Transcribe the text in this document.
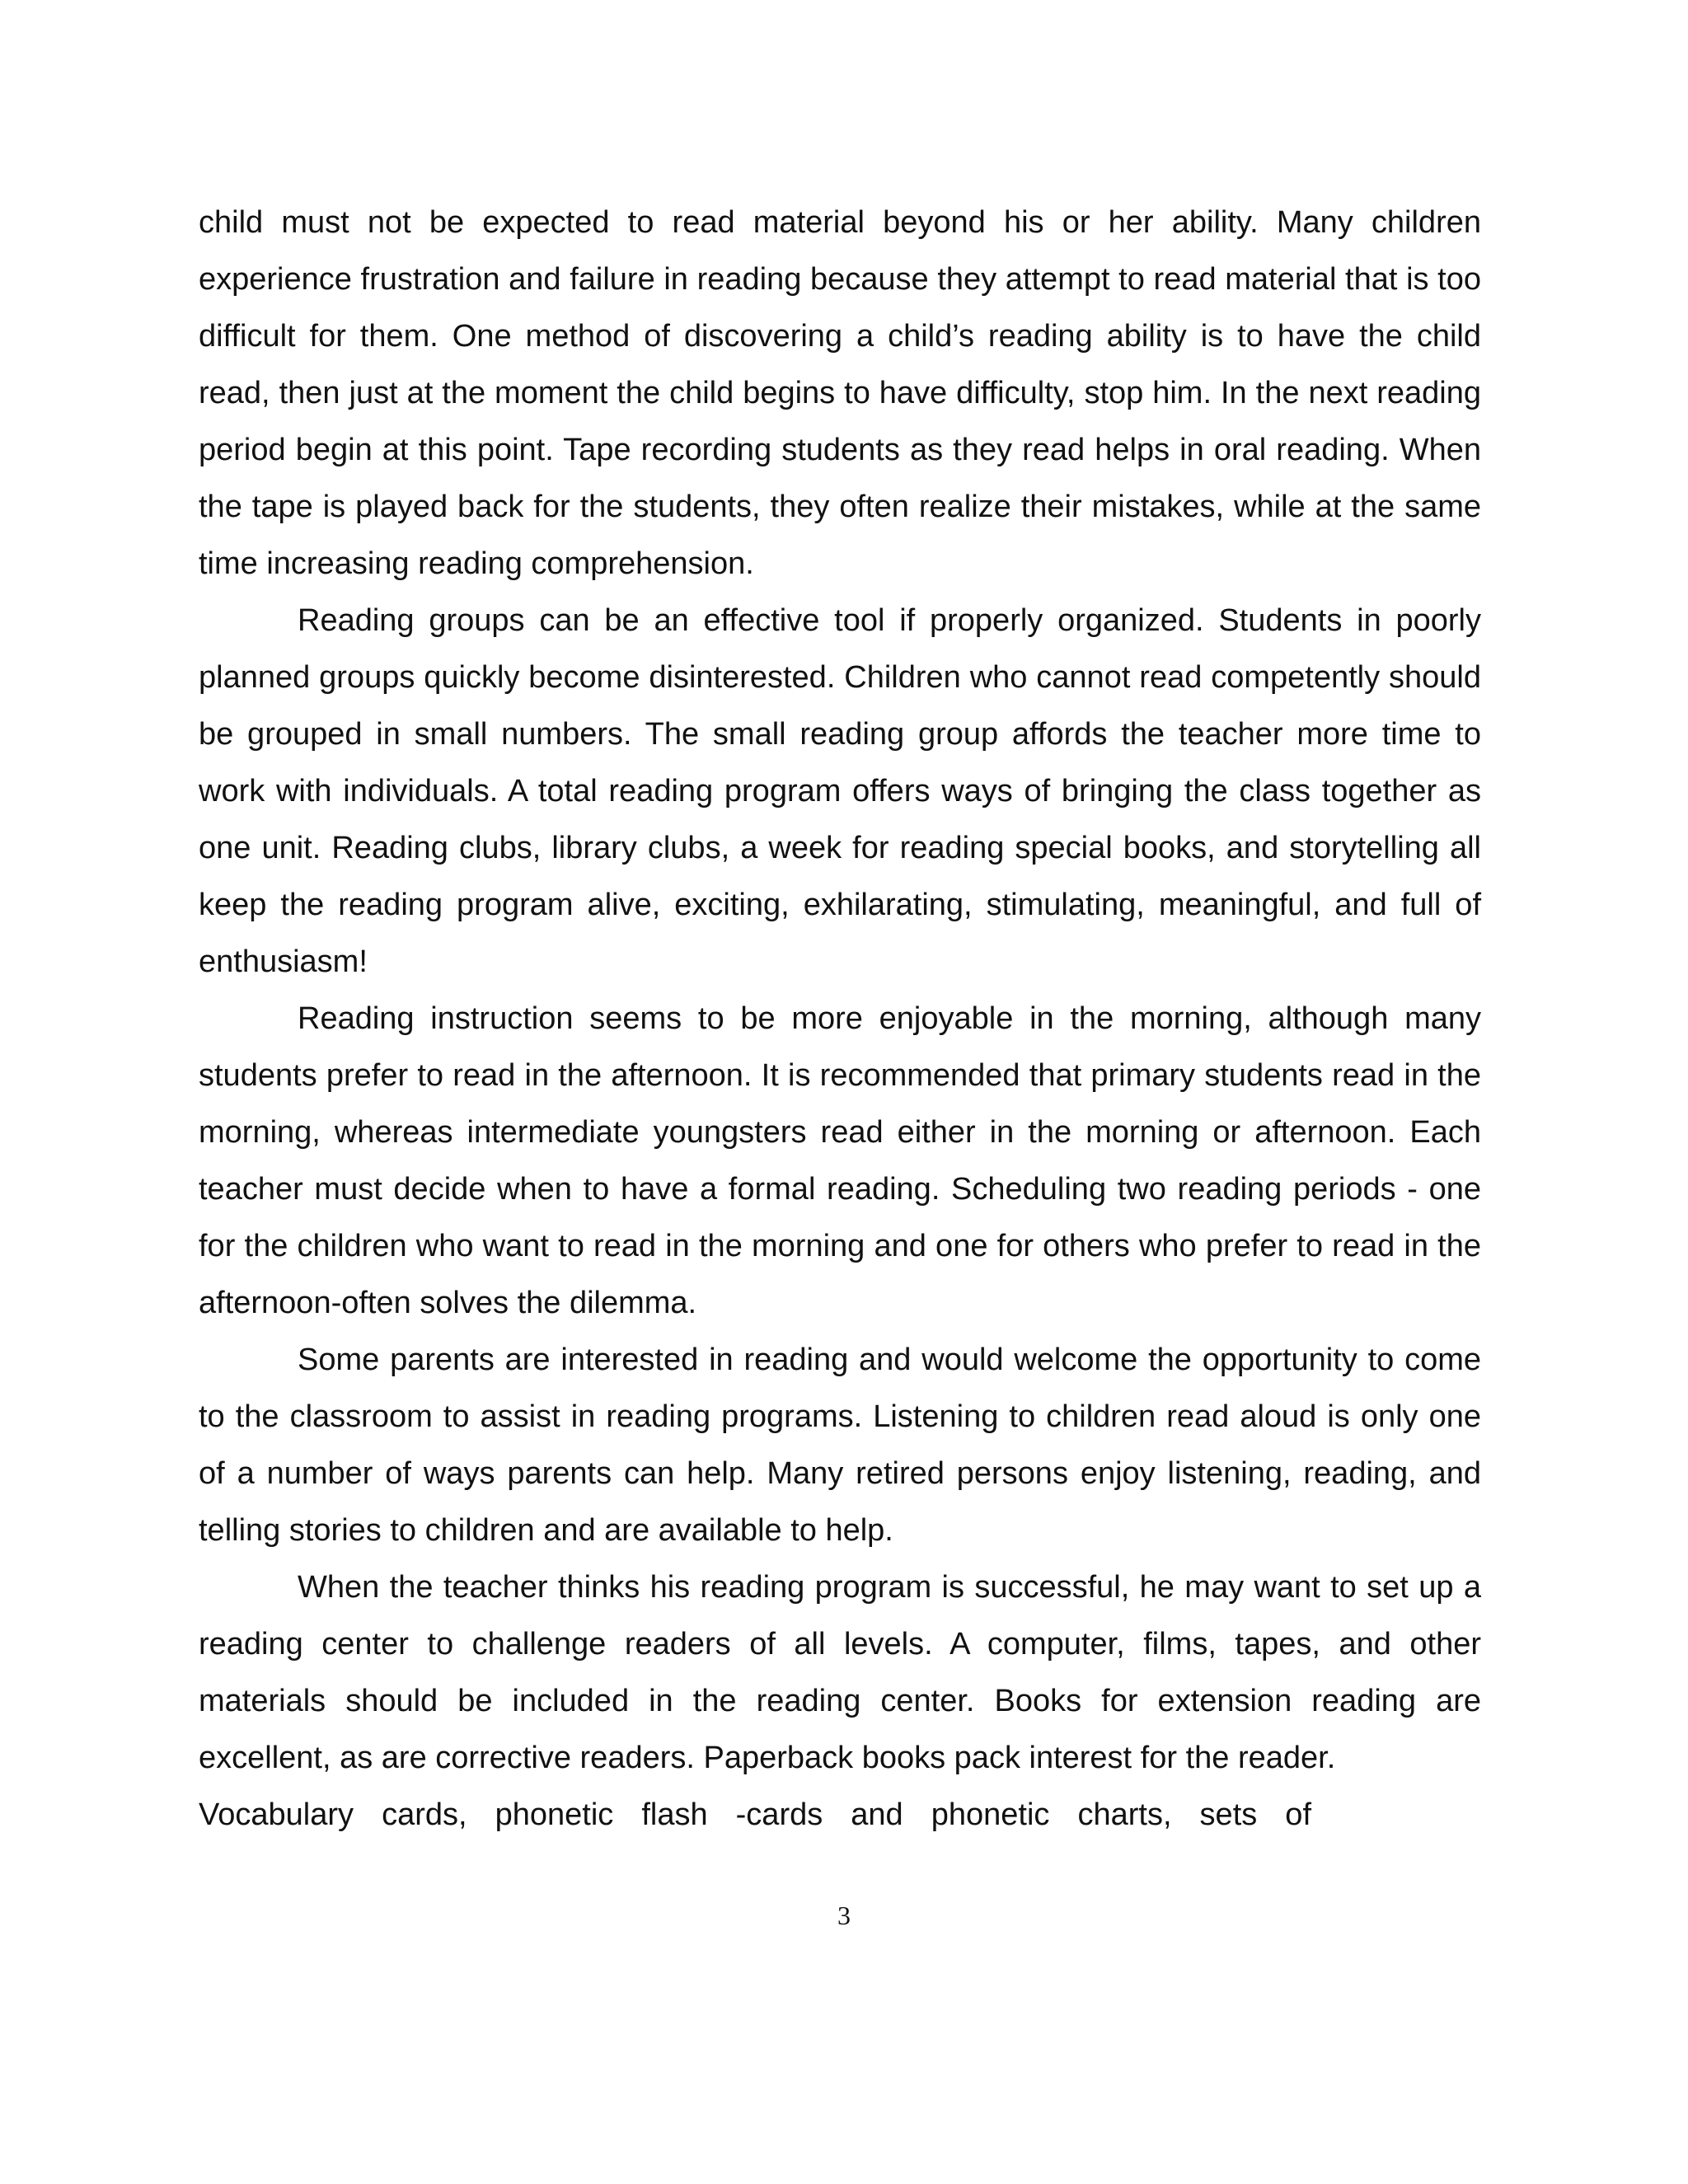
child must not be expected to read material beyond his or her ability. Many children experience frustration and failure in reading because they attempt to read material that is too difficult for them. One method of discovering a child’s reading ability is to have the child read, then just at the moment the child begins to have difficulty, stop him. In the next reading period begin at this point. Tape recording students as they read helps in oral reading. When the tape is played back for the students, they often realize their mistakes, while at the same time increasing reading comprehension.

Reading groups can be an effective tool if properly organized. Students in poorly planned groups quickly become disinterested. Children who cannot read competently should be grouped in small numbers. The small reading group affords the teacher more time to work with individuals. A total reading program offers ways of bringing the class together as one unit. Reading clubs, library clubs, a week for reading special books, and storytelling all keep the reading program alive, exciting, exhilarating, stimulating, meaningful, and full of enthusiasm!

Reading instruction seems to be more enjoyable in the morning, although many students prefer to read in the afternoon. It is recommended that primary students read in the morning, whereas intermediate youngsters read either in the morning or afternoon. Each teacher must decide when to have a formal reading. Scheduling two reading periods - one for the children who want to read in the morning and one for others who prefer to read in the afternoon-often solves the dilemma.

Some parents are interested in reading and would welcome the opportunity to come to the classroom to assist in reading programs. Listening to children read aloud is only one of a number of ways parents can help. Many retired persons enjoy listening, reading, and telling stories to children and are available to help.

When the teacher thinks his reading program is successful, he may want to set up a reading center to challenge readers of all levels. A computer, films, tapes, and other materials should be included in the reading center. Books for extension reading are excellent, as are corrective readers. Paperback books pack interest for the reader.

Vocabulary cards, phonetic flash -cards and phonetic charts, sets of

3
